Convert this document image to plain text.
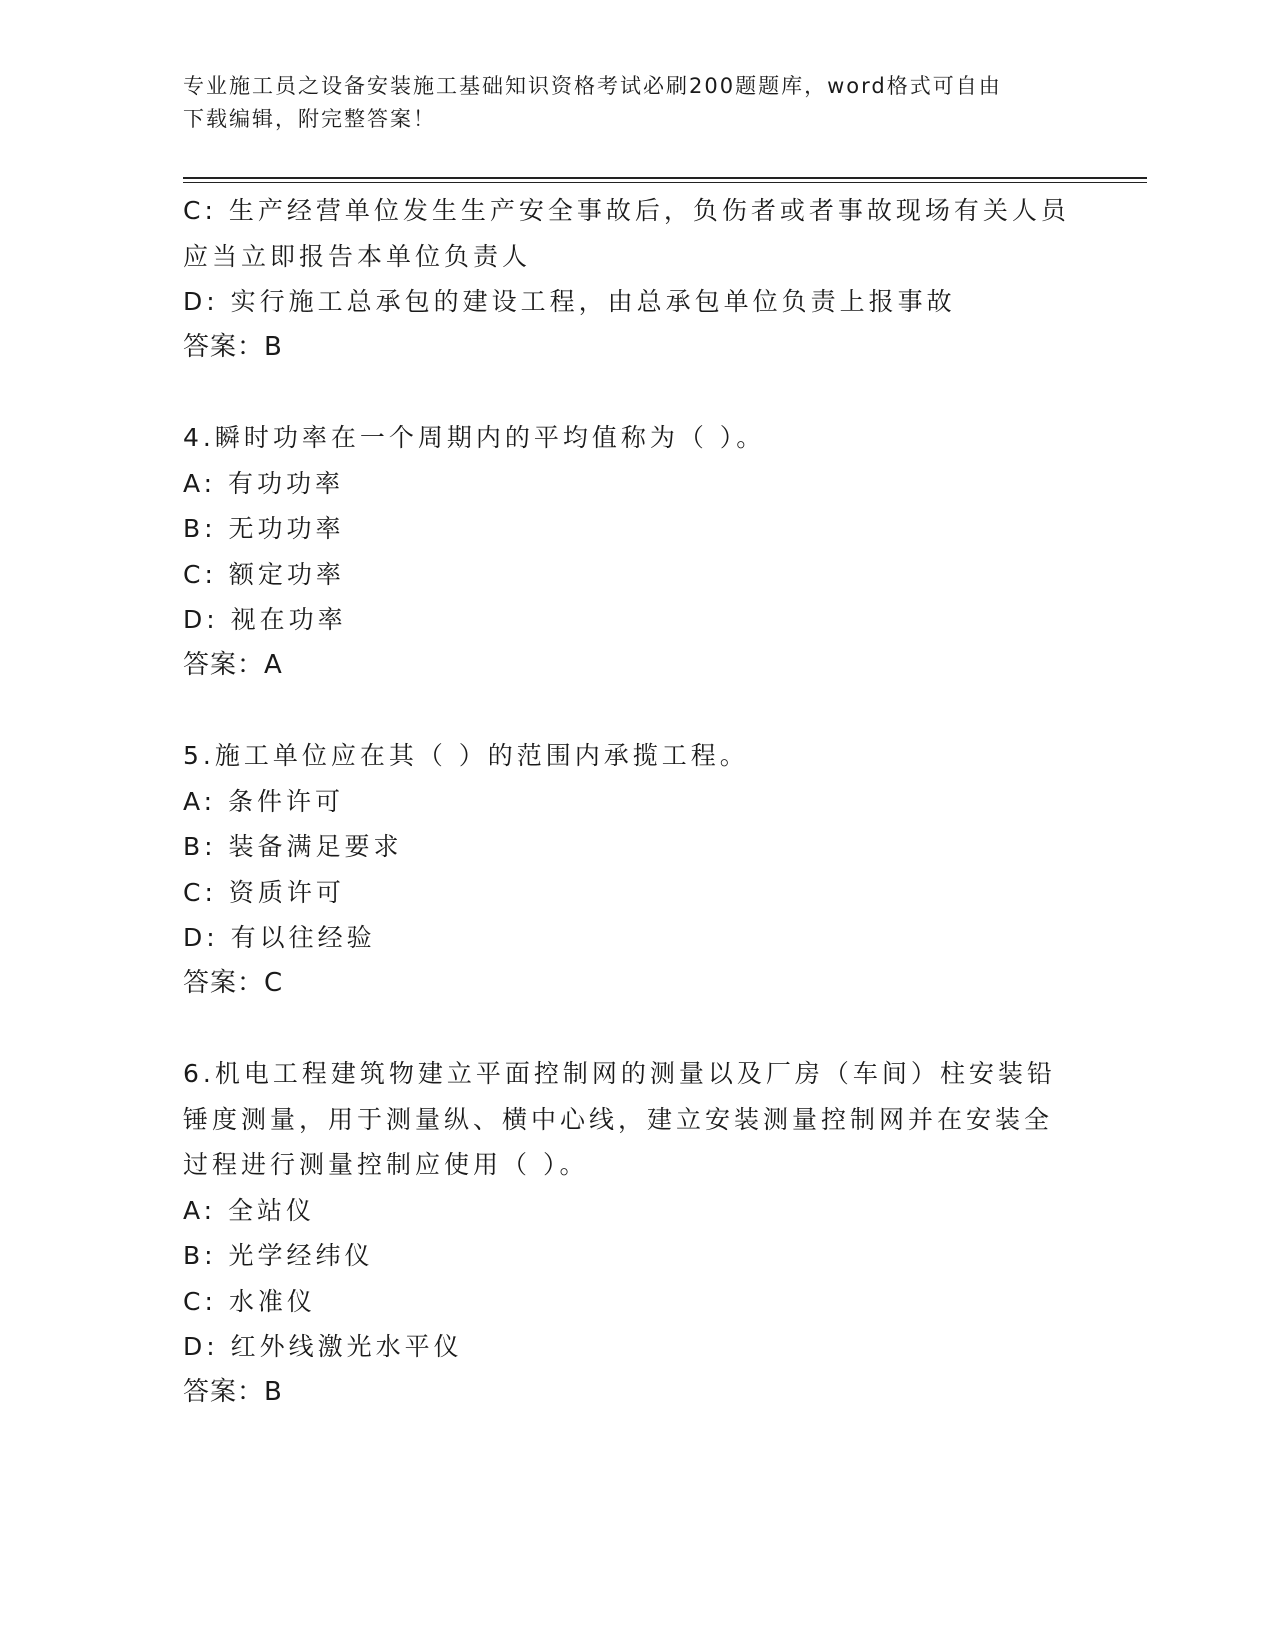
专业施工员之设备安装施工基础知识资格考试必刷200题题库，word格式可自由
下载编辑，附完整答案！
C: 生产经营单位发生生产安全事故后，负伤者或者事故现场有关人员
应当立即报告本单位负责人
D: 实行施工总承包的建设工程，由总承包单位负责上报事故
答案：B
4.瞬时功率在一个周期内的平均值称为（ ）。
A: 有功功率
B: 无功功率
C: 额定功率
D: 视在功率
答案：A
5.施工单位应在其（ ）的范围内承揽工程。
A: 条件许可
B: 装备满足要求
C: 资质许可
D: 有以往经验
答案：C
6.机电工程建筑物建立平面控制网的测量以及厂房（车间）柱安装铅
锤度测量，用于测量纵、横中心线，建立安装测量控制网并在安装全
过程进行测量控制应使用（ ）。
A: 全站仪
B: 光学经纬仪
C: 水准仪
D: 红外线激光水平仪
答案：B
